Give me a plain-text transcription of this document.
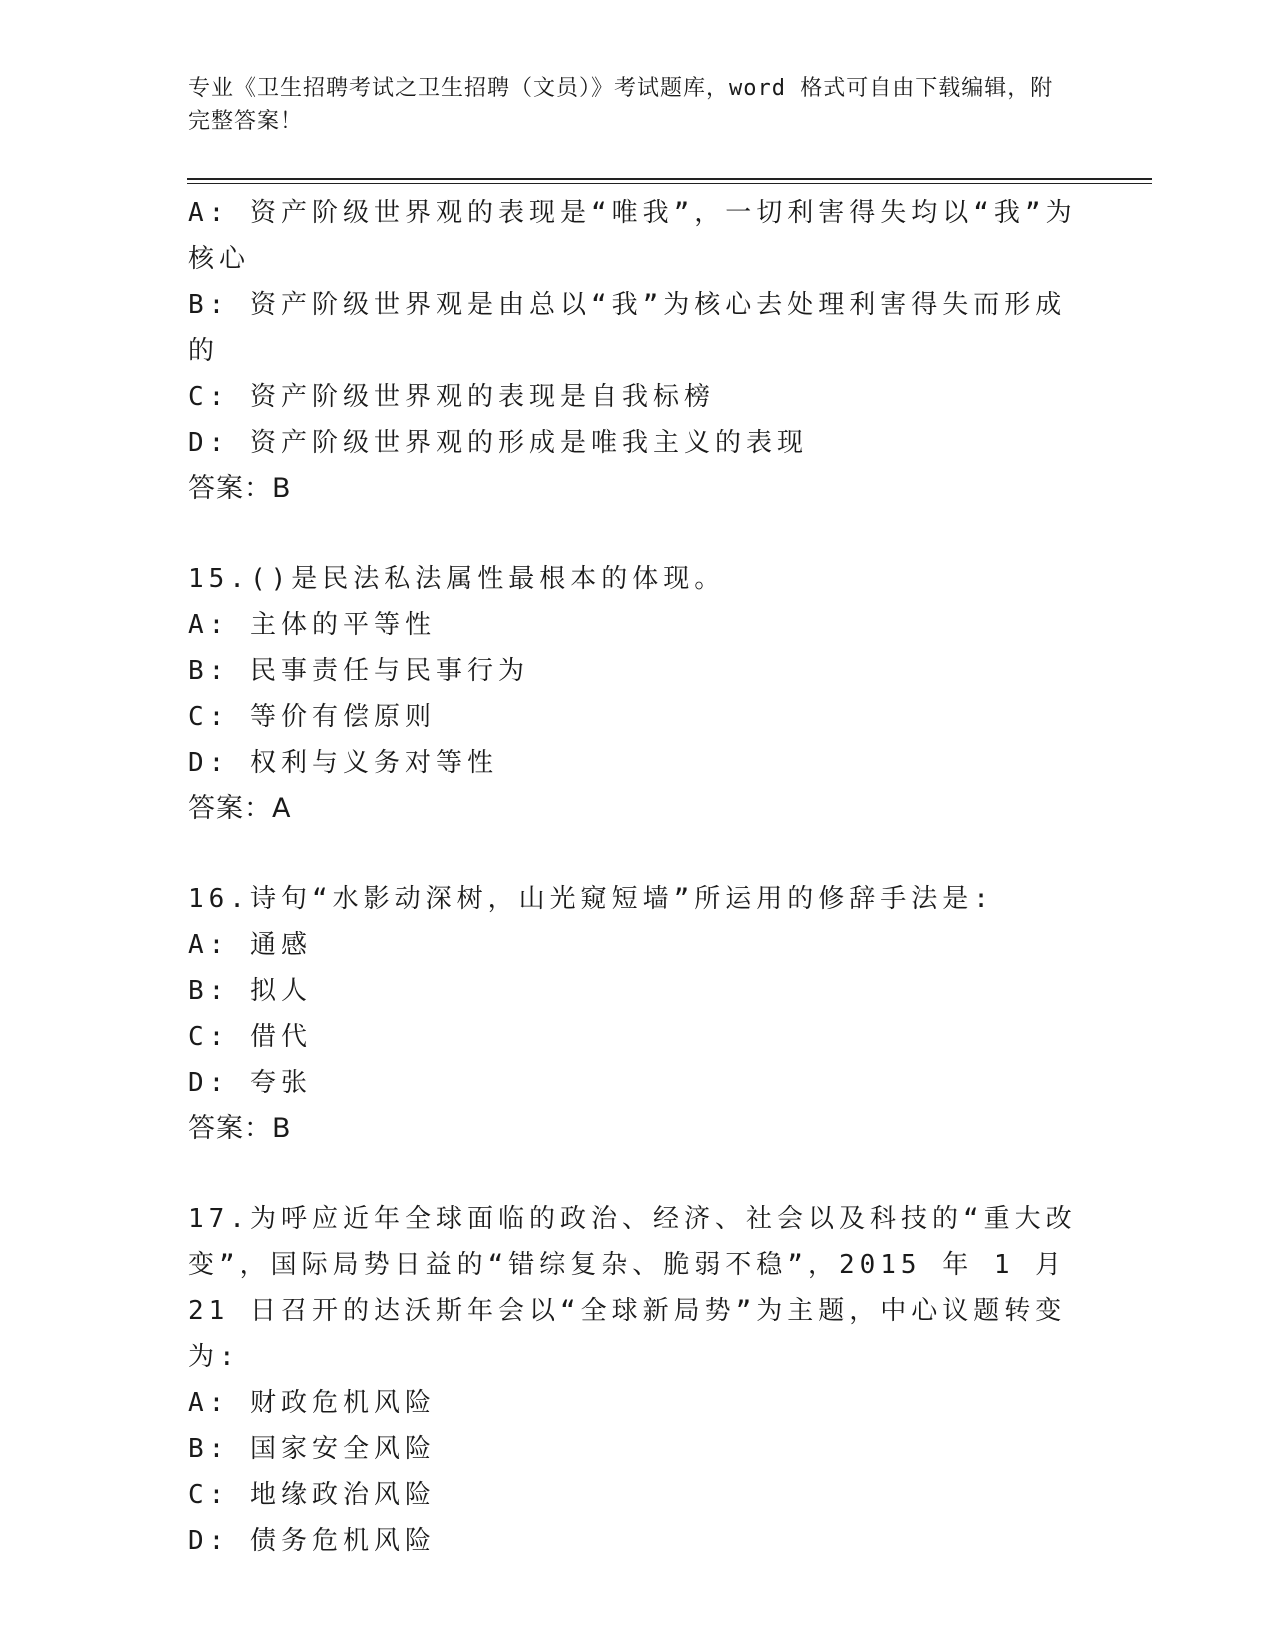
专业《卫生招聘考试之卫生招聘（文员）》考试题库，word 格式可自由下载编辑，附完整答案！

A: 资产阶级世界观的表现是“唯我”，一切利害得失均以“我”为核心

B: 资产阶级世界观是由总以“我”为核心去处理利害得失而形成的

C: 资产阶级世界观的表现是自我标榜

D: 资产阶级世界观的形成是唯我主义的表现

答案：B

15.()是民法私法属性最根本的体现。

A: 主体的平等性

B: 民事责任与民事行为

C: 等价有偿原则

D: 权利与义务对等性

答案：A

16.诗句“水影动深树，山光窥短墙”所运用的修辞手法是:

A: 通感

B: 拟人

C: 借代

D: 夸张

答案：B

17.为呼应近年全球面临的政治、经济、社会以及科技的“重大改变”，国际局势日益的“错综复杂、脆弱不稳”，2015 年 1 月 21 日召开的达沃斯年会以“全球新局势”为主题，中心议题转变为:

A: 财政危机风险

B: 国家安全风险

C: 地缘政治风险

D: 债务危机风险
